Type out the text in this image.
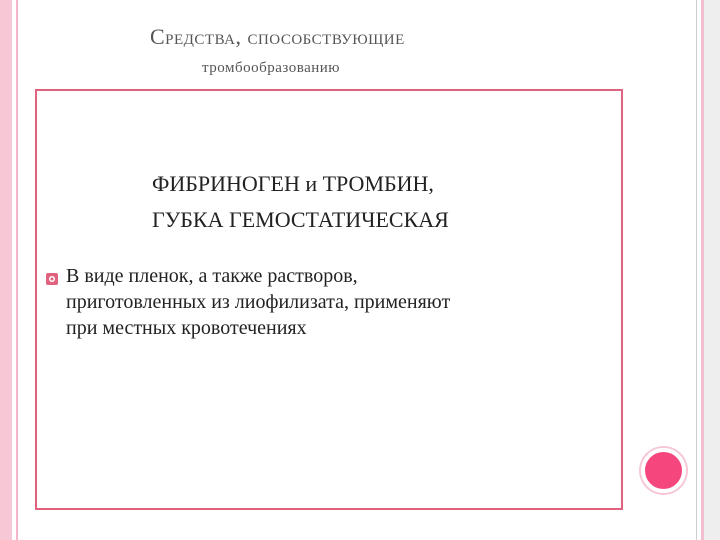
Средства, способствующие
тромбообразованию
ФИБРИНОГЕН и ТРОМБИН,
ГУБКА ГЕМОСТАТИЧЕСКАЯ
В виде пленок, а также растворов,
приготовленных из лиофилизата, применяют
при местных кровотечениях
